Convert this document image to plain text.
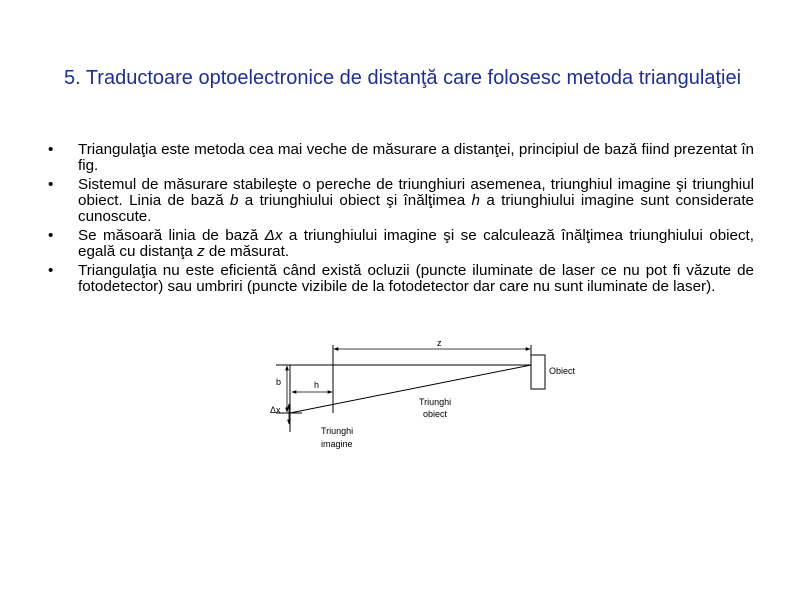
5. Traductoare optoelectronice de distanţă care folosesc metoda triangulaţiei
• Triangulaţia este metoda cea mai veche de măsurare a distanţei, principiul de bază fiind prezentat în fig.
• Sistemul de măsurare stabileşte o pereche de triunghiuri asemenea, triunghiul imagine şi triunghiul obiect. Linia de bază b a triunghiului obiect şi înălţimea h a triunghiului imagine sunt considerate cunoscute.
• Se măsoară linia de bază Δx a triunghiului imagine şi se calculează înălţimea triunghiului obiect, egală cu distanţa z de măsurat.
• Triangulaţia nu este eficientă când există ocluzii (puncte iluminate de laser ce nu pot fi văzute de fotodetector) sau umbriri (puncte vizibile de la fotodetector dar care nu sunt iluminate de laser).
z
b	h
Δx
Obiect
Triunghi
obiect
Triunghi
imagine
